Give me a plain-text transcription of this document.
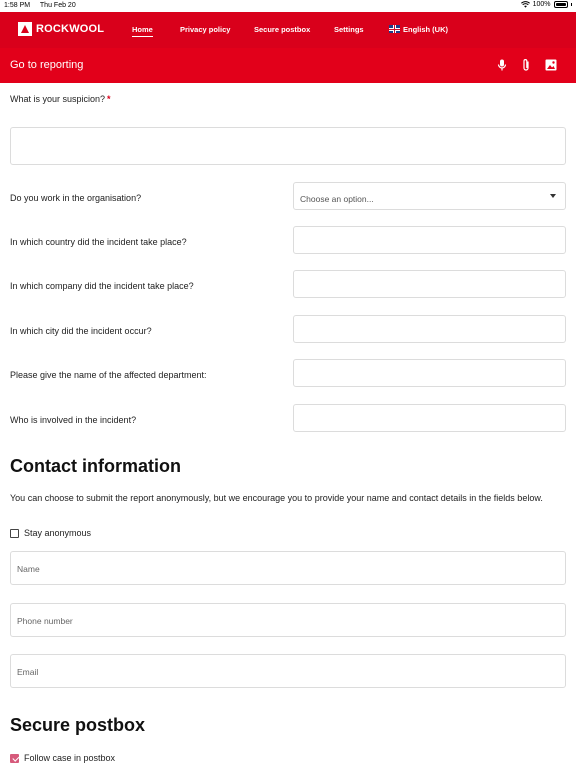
1:58 PM Thu Feb 20	100%
ROCKWOOL	Home	Privacy policy	Secure postbox	Settings	English (UK)
Go to reporting
What is your suspicion? *
Do you work in the organisation?	Choose an option...
In which country did the incident take place?
In which company did the incident take place?
In which city did the incident occur?
Please give the name of the affected department:
Who is involved in the incident?
Contact information
You can choose to submit the report anonymously, but we encourage you to provide your name and contact details in the fields below.
Stay anonymous
Name
Phone number
Email
Secure postbox
Follow case in postbox
